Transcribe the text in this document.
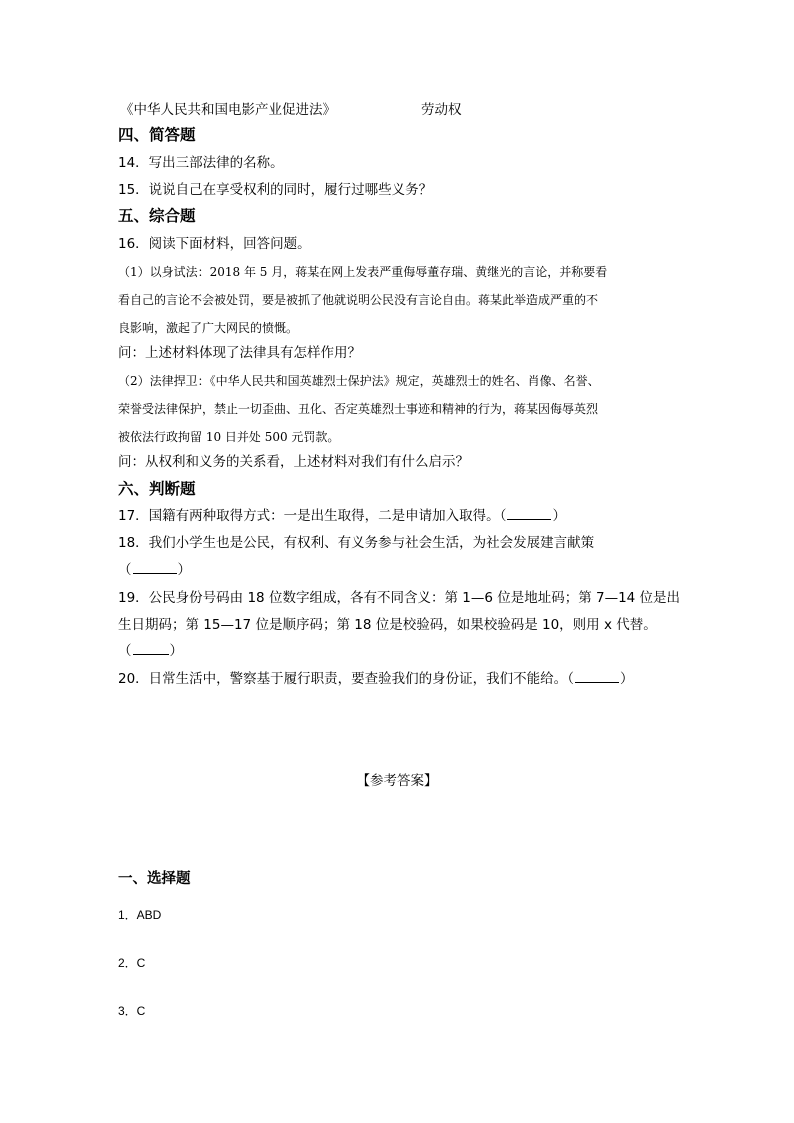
《中华人民共和国电影产业促进法》	劳动权
四、简答题
14．写出三部法律的名称。
15．说说自己在享受权利的同时，履行过哪些义务？
五、综合题
16．阅读下面材料，回答问题。
（1）以身试法：2018 年 5 月，蒋某在网上发表严重侮辱董存瑞、黄继光的言论，并称要看
看自己的言论不会被处罚，要是被抓了他就说明公民没有言论自由。蒋某此举造成严重的不
良影响，激起了广大网民的愤慨。
问：上述材料体现了法律具有怎样作用？
（2）法律捍卫：《中华人民共和国英雄烈士保护法》规定，英雄烈士的姓名、肖像、名誉、
荣誉受法律保护，禁止一切歪曲、丑化、否定英雄烈士事迹和精神的行为，蒋某因侮辱英烈
被依法行政拘留 10 日并处 500 元罚款。
问：从权利和义务的关系看，上述材料对我们有什么启示？
六、判断题
17．国籍有两种取得方式：一是出生取得，二是申请加入取得。（	）
18．我们小学生也是公民，有权利、有义务参与社会生活，为社会发展建言献策
（	）
19．公民身份号码由 18 位数字组成，各有不同含义：第 1—6 位是地址码；第 7—14 位是出
生日期码；第 15—17 位是顺序码；第 18 位是校验码，如果校验码是 10，则用 x 代替。
（	）
20．日常生活中，警察基于履行职责，要查验我们的身份证，我们不能给。（	）
【参考答案】
一、选择题
1．ABD
2．C
3．C
